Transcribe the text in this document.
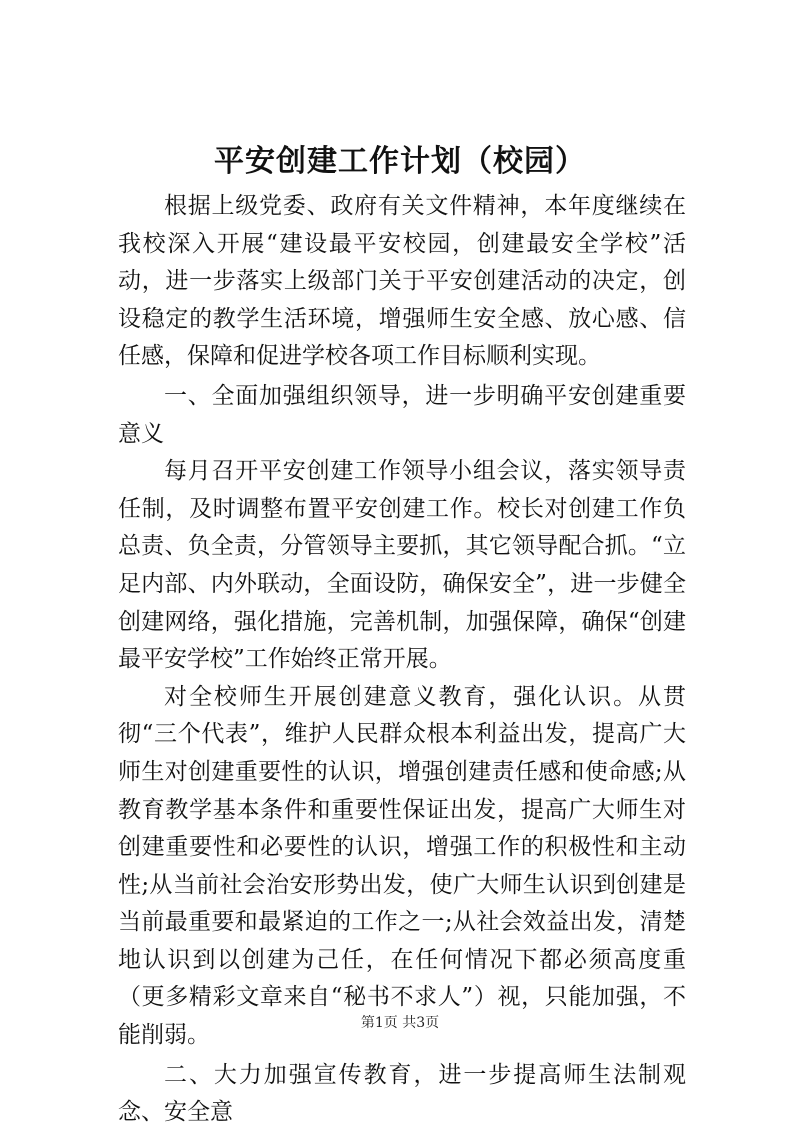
平安创建工作计划（校园）

根据上级党委、政府有关文件精神，本年度继续在我校深入开展“建设最平安校园，创建最安全学校”活动，进一步落实上级部门关于平安创建活动的决定，创设稳定的教学生活环境，增强师生安全感、放心感、信任感，保障和促进学校各项工作目标顺利实现。

一、全面加强组织领导，进一步明确平安创建重要意义

每月召开平安创建工作领导小组会议，落实领导责任制，及时调整布置平安创建工作。校长对创建工作负总责、负全责，分管领导主要抓，其它领导配合抓。“立足内部、内外联动，全面设防，确保安全”，进一步健全创建网络，强化措施，完善机制，加强保障，确保“创建最平安学校”工作始终正常开展。

对全校师生开展创建意义教育，强化认识。从贯彻“三个代表”，维护人民群众根本利益出发，提高广大师生对创建重要性的认识，增强创建责任感和使命感;从教育教学基本条件和重要性保证出发，提高广大师生对创建重要性和必要性的认识，增强工作的积极性和主动性;从当前社会治安形势出发，使广大师生认识到创建是当前最重要和最紧迫的工作之一;从社会效益出发，清楚地认识到以创建为己任，在任何情况下都必须高度重（更多精彩文章来自“秘书不求人”）视，只能加强，不能削弱。

二、大力加强宣传教育，进一步提高师生法制观念、安全意

第1页 共3页
